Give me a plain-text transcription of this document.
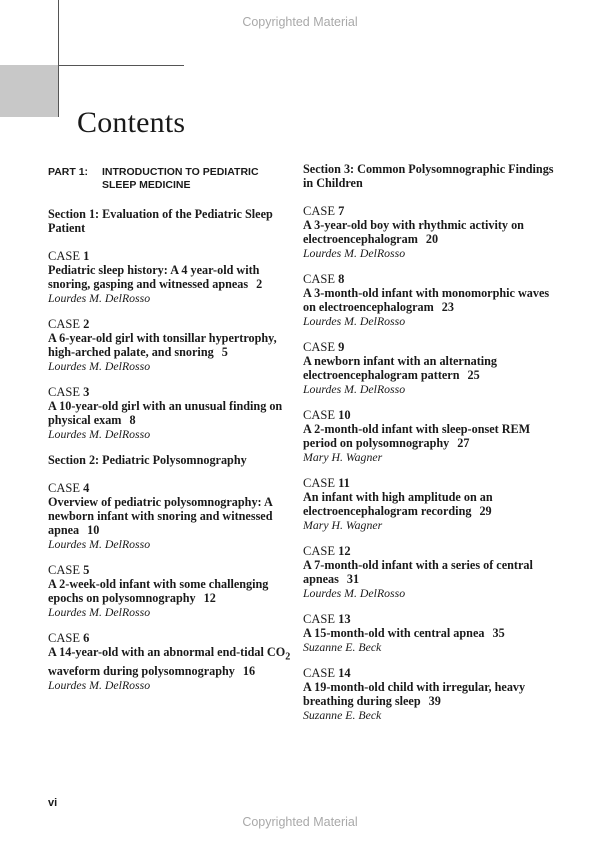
Copyrighted Material
Contents
PART 1:	INTRODUCTION TO PEDIATRIC SLEEP MEDICINE
Section 1: Evaluation of the Pediatric Sleep Patient
CASE 1
Pediatric sleep history: A 4 year-old with snoring, gasping and witnessed apneas 2
Lourdes M. DelRosso
CASE 2
A 6-year-old girl with tonsillar hypertrophy, high-arched palate, and snoring 5
Lourdes M. DelRosso
CASE 3
A 10-year-old girl with an unusual finding on physical exam 8
Lourdes M. DelRosso
Section 2: Pediatric Polysomnography
CASE 4
Overview of pediatric polysomnography: A newborn infant with snoring and witnessed apnea 10
Lourdes M. DelRosso
CASE 5
A 2-week-old infant with some challenging epochs on polysomnography 12
Lourdes M. DelRosso
CASE 6
A 14-year-old with an abnormal end-tidal $CO_2$ waveform during polysomnography 16
Lourdes M. DelRosso
Section 3: Common Polysomnographic Findings in Children
CASE 7
A 3-year-old boy with rhythmic activity on electroencephalogram 20
Lourdes M. DelRosso
CASE 8
A 3-month-old infant with monomorphic waves on electroencephalogram 23
Lourdes M. DelRosso
CASE 9
A newborn infant with an alternating electroencephalogram pattern 25
Lourdes M. DelRosso
CASE 10
A 2-month-old infant with sleep-onset REM period on polysomnography 27
Mary H. Wagner
CASE 11
An infant with high amplitude on an electroencephalogram recording 29
Mary H. Wagner
CASE 12
A 7-month-old infant with a series of central apneas 31
Lourdes M. DelRosso
CASE 13
A 15-month-old with central apnea 35
Suzanne E. Beck
CASE 14
A 19-month-old child with irregular, heavy breathing during sleep 39
Suzanne E. Beck
vi
Copyrighted Material
